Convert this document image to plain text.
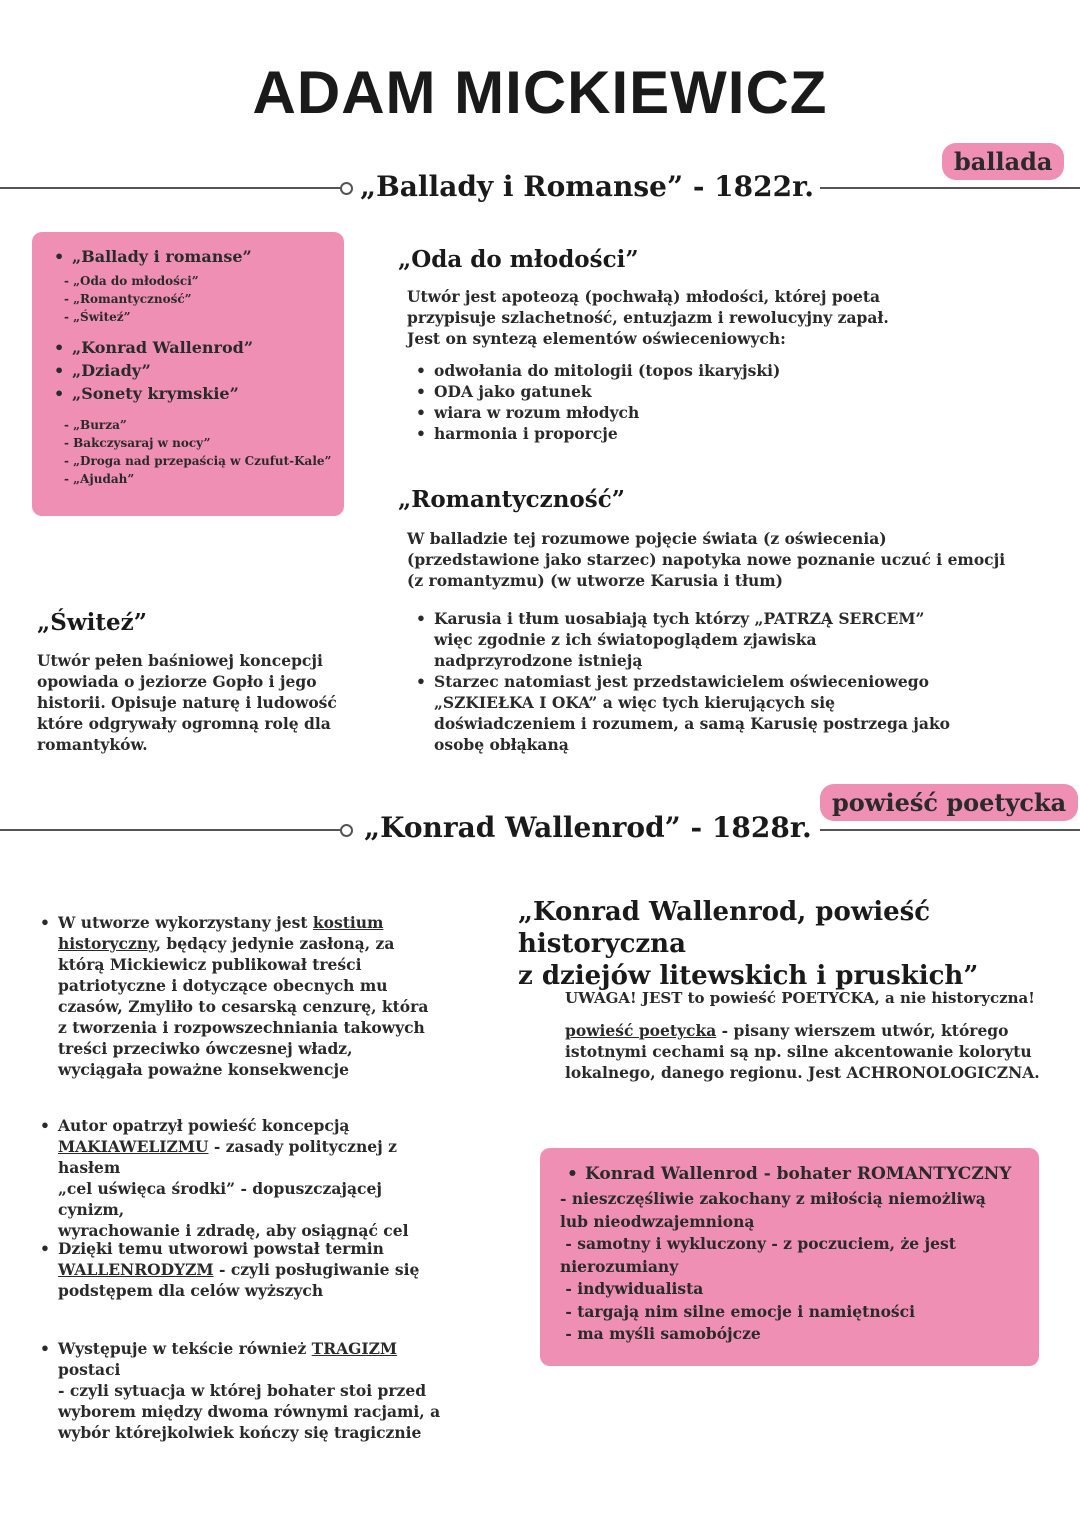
ADAM MICKIEWICZ
ballada
„Ballady i Romanse” - 1822r.
• „Ballady i romanse”
- „Oda do młodości”
- „Romantyczność”
- „Świteź”
• „Konrad Wallenrod”
• „Dziady”
• „Sonety krymskie”
- „Burza”
- Bakczysaraj w nocy”
- „Droga nad przepaścią w Czufut-Kale”
- „Ajudah”
„Oda do młodości”

Utwór jest apoteozą (pochwałą) młodości, której poeta

przypisuje szlachetność, entuzjazm i rewolucyjny zapał.

Jest on syntezą elementów oświeceniowych:

• odwołania do mitologii (topos ikaryjski)
• ODA jako gatunek
• wiara w rozum młodych
• harmonia i proporcje
„Romantyczność”

W balladzie tej rozumowe pojęcie świata (z oświecenia)

(przedstawione jako starzec) napotyka nowe poznanie uczuć i emocji

(z romantyzmu) (w utworze Karusia i tłum)

• Karusia i tłum uosabiają tych którzy „PATRZĄ SERCEM”
więc zgodnie z ich światopoglądem zjawiska
nadprzyrodzone istnieją
• Starzec natomiast jest przedstawicielem oświeceniowego
„SZKIEŁKA I OKA” a więc tych kierujących się
doświadczeniem i rozumem, a samą Karusię postrzega jako
osobę obłąkaną
„Świteź”

Utwór pełen baśniowej koncepcji

opowiada o jeziorze Gopło i jego

historii. Opisuje naturę i ludowość

które odgrywały ogromną rolę dla

romantyków.

powieść poetycka
„Konrad Wallenrod” - 1828r.
• W utworze wykorzystany jest kostium
historyczny, będący jedynie zasłoną, za
którą Mickiewicz publikował treści
patriotyczne i dotyczące obecnych mu
czasów, Zmyliło to cesarską cenzurę, która
z tworzenia i rozpowszechniania takowych
treści przeciwko ówczesnej władz,
wyciągała poważne konsekwencje
• Autor opatrzył powieść koncepcją
MAKIAWELIZMU - zasady politycznej z hasłem
„cel uświęca środki” - dopuszczającej cynizm,
wyrachowanie i zdradę, aby osiągnąć cel
• Dzięki temu utworowi powstał termin
WALLENRODYZM - czyli posługiwanie się
podstępem dla celów wyższych
• Występuje w tekście również TRAGIZM postaci
- czyli sytuacja w której bohater stoi przed
wyborem między dwoma równymi racjami, a
wybór którejkolwiek kończy się tragicznie
„Konrad Wallenrod, powieść historyczna
z dziejów litewskich i pruskich”

UWAGA! JEST to powieść POETYCKA, a nie historyczna!

powieść poetycka - pisany wierszem utwór, którego

istotnymi cechami są np. silne akcentowanie kolorytu

lokalnego, danego regionu. Jest ACHRONOLOGICZNA.

• Konrad Wallenrod - bohater ROMANTYCZNY
- nieszczęśliwie zakochany z miłością niemożliwą
lub nieodwzajemnioną
- samotny i wykluczony - z poczuciem, że jest
nierozumiany
- indywidualista
- targają nim silne emocje i namiętności
- ma myśli samobójcze
